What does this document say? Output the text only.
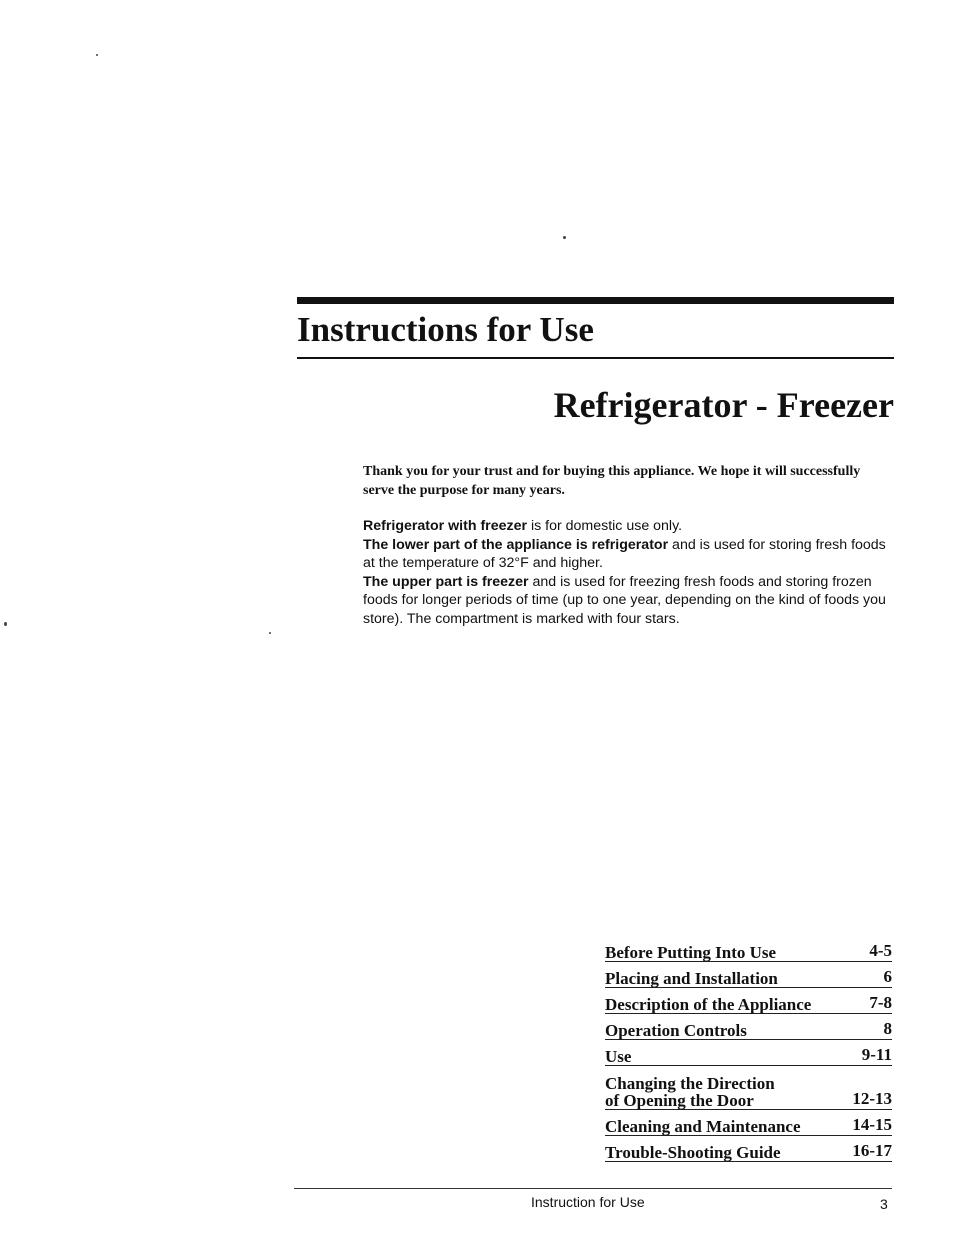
Instructions for Use
Refrigerator - Freezer
Thank you for your trust and for buying this appliance. We hope it will successfully serve the purpose for many years.

Refrigerator with freezer is for domestic use only.

The lower part of the appliance is refrigerator and is used for storing fresh foods at the temperature of 32°F and higher.

The upper part is freezer and is used for freezing fresh foods and storing frozen foods for longer periods of time (up to one year, depending on the kind of foods you store). The compartment is marked with four stars.

Before Putting Into Use	4-5
Placing and Installation	6
Description of the Appliance	7-8
Operation Controls	8
Use	9-11
Changing the Direction
of Opening the Door	12-13
Cleaning and Maintenance	14-15
Trouble-Shooting Guide	16-17
Instruction for Use	3
